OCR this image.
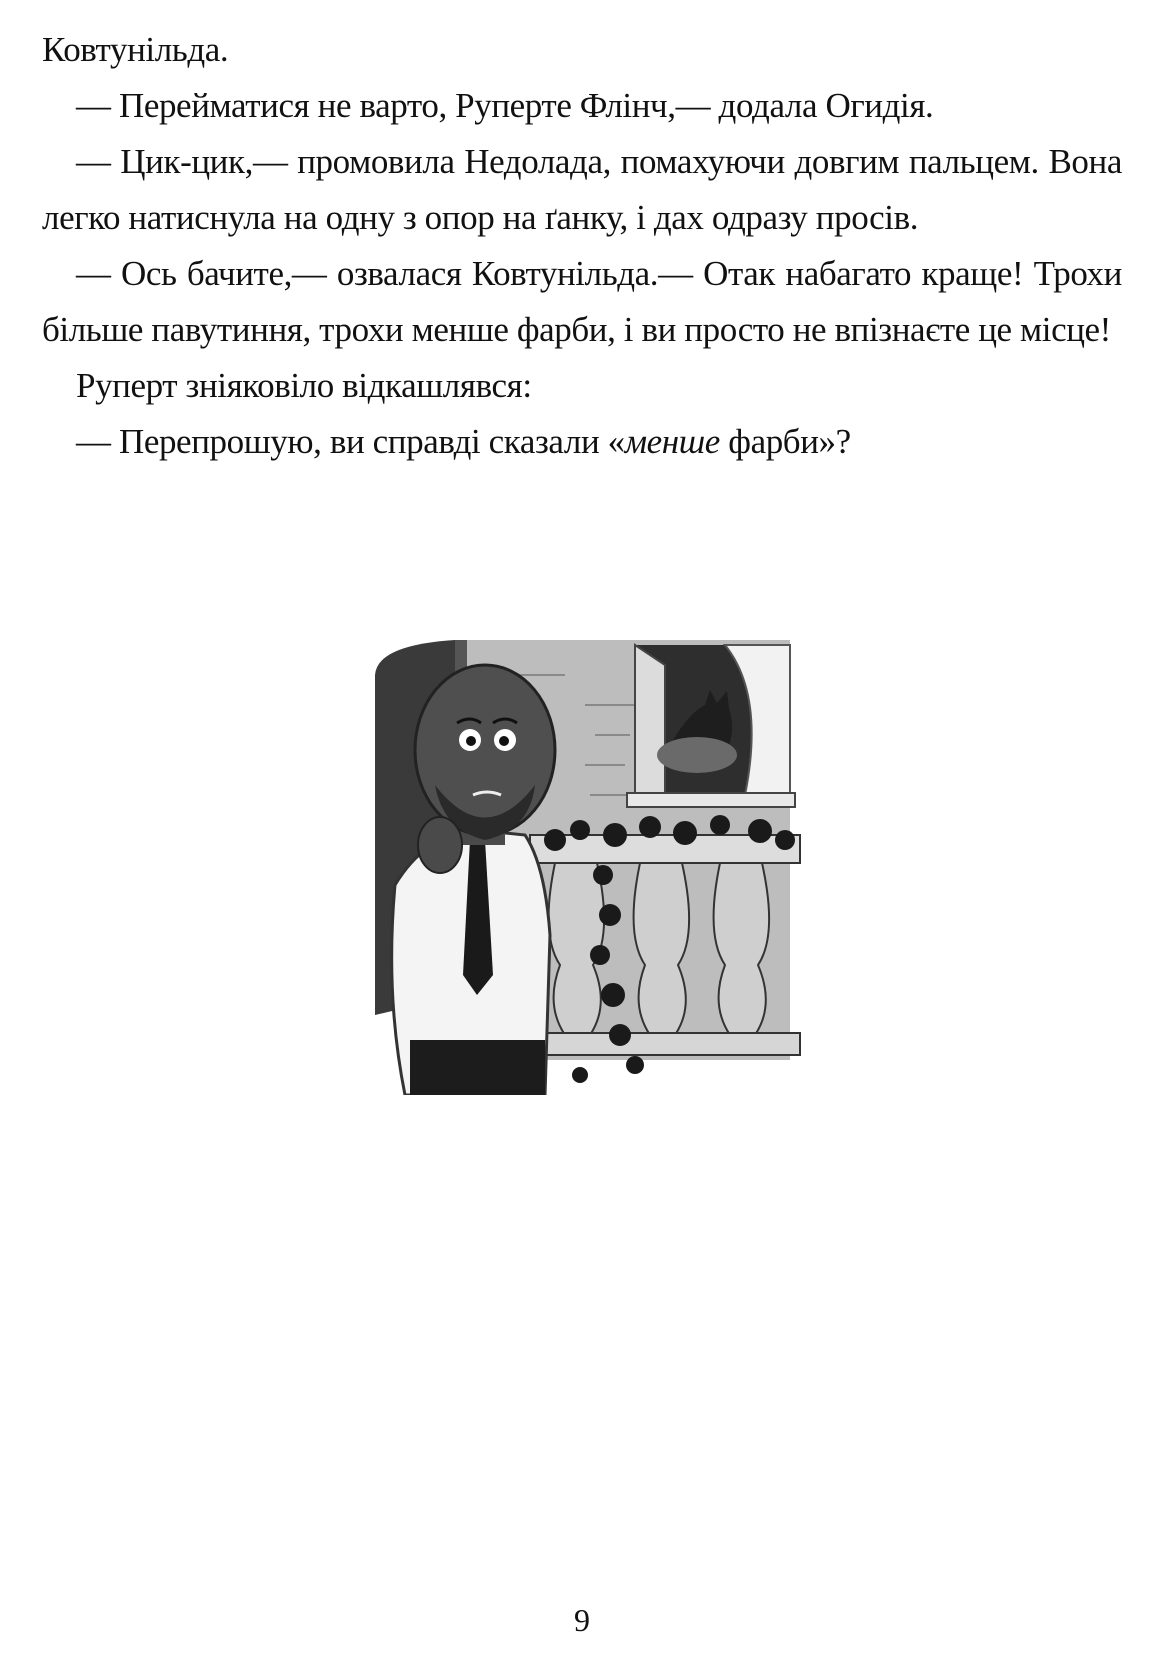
Ковтунільда.

— Перейматися не варто, Руперте Флінч,— додала Огидія.

— Цик-цик,— промовила Недолада, помахуючи довгим пальцем. Вона легко натиснула на одну з опор на ґанку, і дах одразу просів.

— Ось бачите,— озвалася Ковтунільда.— Отак набагато краще! Трохи більше павутиння, трохи менше фарби, і ви просто не впізнаєте це місце!

Руперт зніяковіло відкашлявся:

— Перепрошую, ви справді сказали «менше фарби»?

9
